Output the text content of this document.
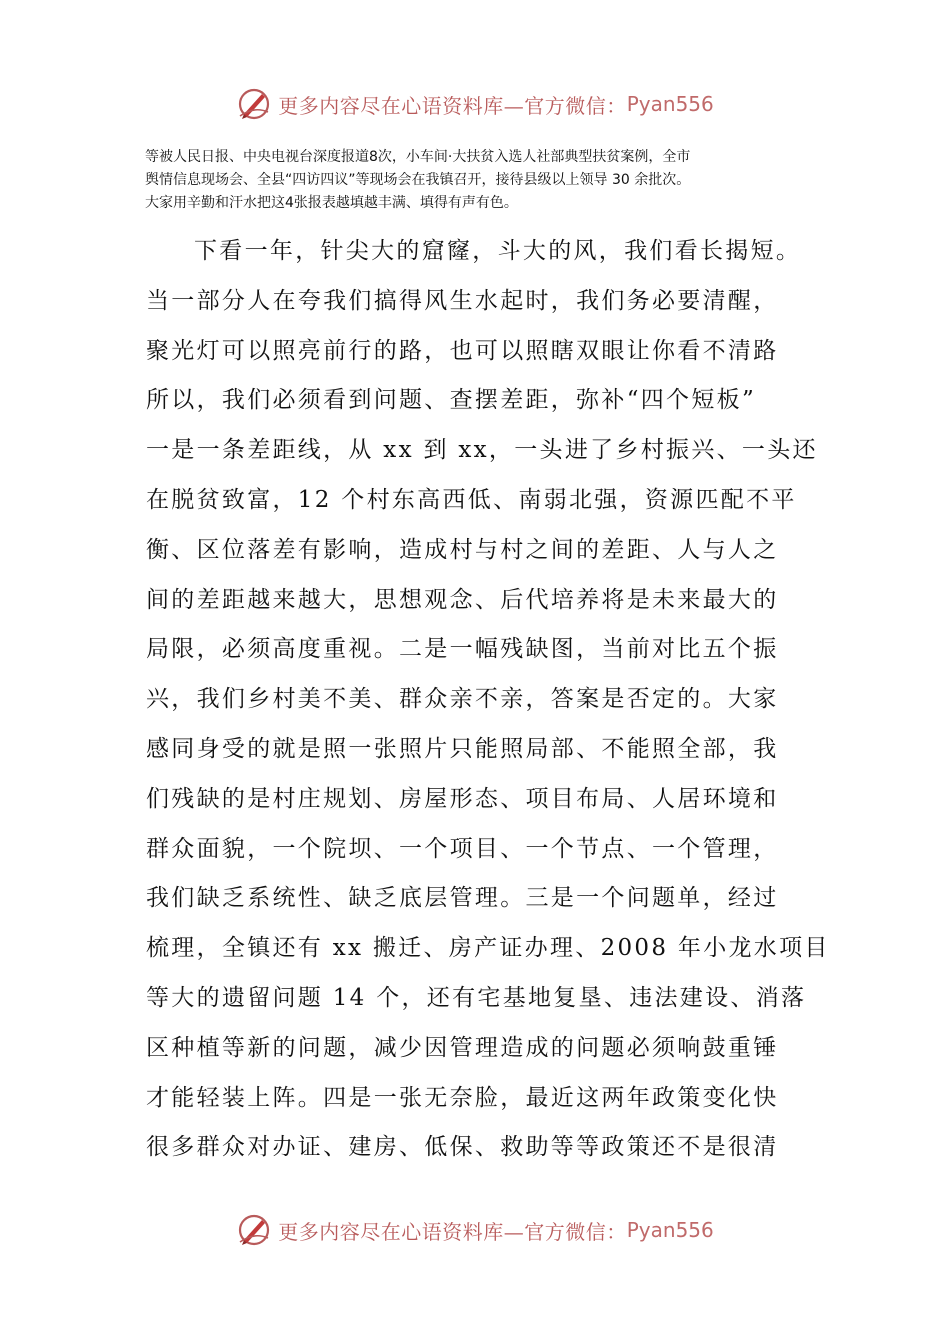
更多内容尽在心语资料库—官方微信： Pyan556
等被人民日报、中央电视台深度报道8次，小车间·大扶贫入选人社部典型扶贫案例，全市
舆情信息现场会、全县“四访四议”等现场会在我镇召开，接待县级以上领导 30 余批次。
大家用辛勤和汗水把这4张报表越填越丰满、填得有声有色。
下看一年，针尖大的窟窿，斗大的风，我们看长揭短。
当一部分人在夸我们搞得风生水起时，我们务必要清醒，
聚光灯可以照亮前行的路，也可以照瞎双眼让你看不清路
所以，我们必须看到问题、查摆差距，弥补“四个短板”
一是一条差距线，从 xx 到 xx，一头进了乡村振兴、一头还
在脱贫致富，12 个村东高西低、南弱北强，资源匹配不平
衡、区位落差有影响，造成村与村之间的差距、人与人之
间的差距越来越大，思想观念、后代培养将是未来最大的
局限，必须高度重视。二是一幅残缺图，当前对比五个振
兴，我们乡村美不美、群众亲不亲，答案是否定的。大家
感同身受的就是照一张照片只能照局部、不能照全部，我
们残缺的是村庄规划、房屋形态、项目布局、人居环境和
群众面貌，一个院坝、一个项目、一个节点、一个管理，
我们缺乏系统性、缺乏底层管理。三是一个问题单，经过
梳理，全镇还有 xx 搬迁、房产证办理、2008 年小龙水项目
等大的遗留问题 14 个，还有宅基地复垦、违法建设、消落
区种植等新的问题，减少因管理造成的问题必须响鼓重锤
才能轻装上阵。四是一张无奈脸，最近这两年政策变化快
很多群众对办证、建房、低保、救助等等政策还不是很清
更多内容尽在心语资料库—官方微信： Pyan556
